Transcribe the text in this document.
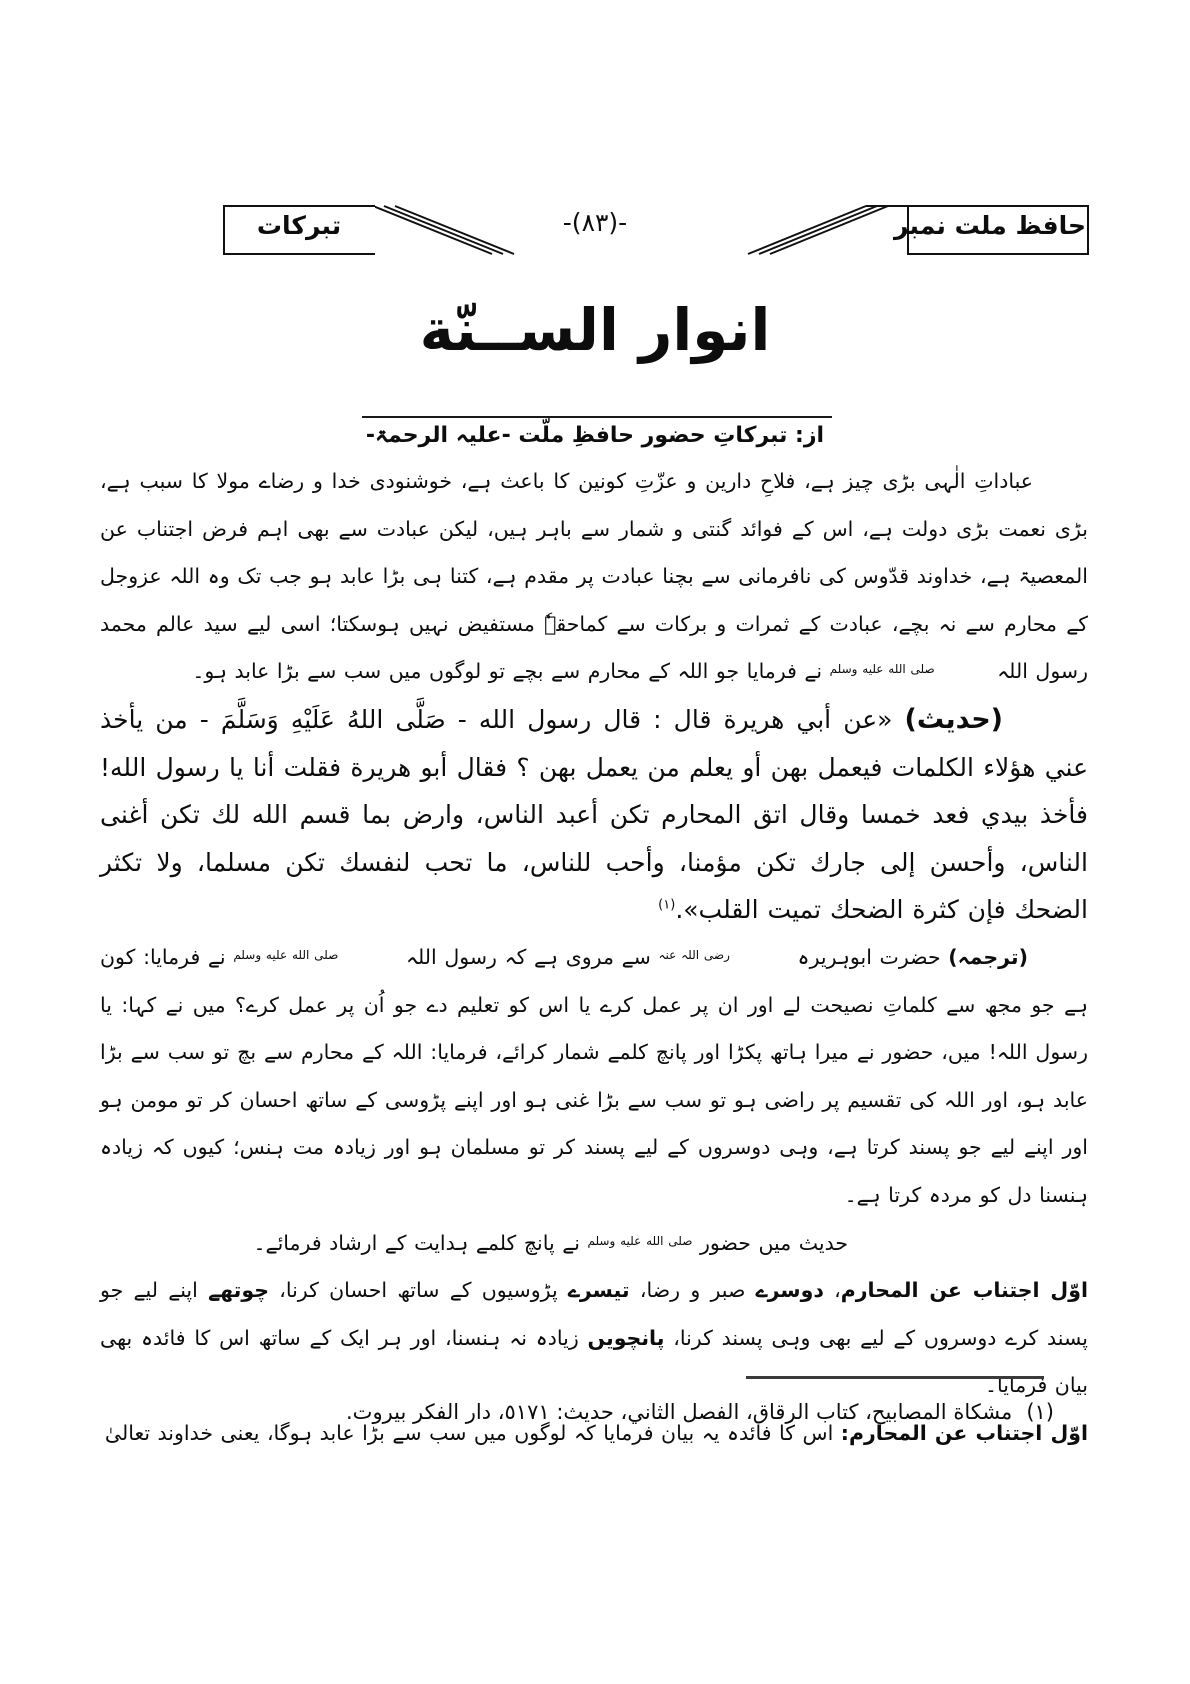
تبرکات	-(٨٣)-	حافظ ملت نمبر
انوار الســنّة
از: تبرکاتِ حضور حافظِ ملّت -علیہ الرحمۃ-

عباداتِ الٰہی بڑی چیز ہے، فلاحِ دارین و عزّتِ کونین کا باعث ہے، خوشنودی خدا و رضاے مولا کا سبب ہے، بڑی نعمت بڑی دولت ہے، اس کے فوائد گنتی و شمار سے باہر ہیں، لیکن عبادت سے بھی اہم فرض اجتناب عن المعصیۃ ہے، خداوند قدّوس کی نافرمانی سے بچنا عبادت پر مقدم ہے، کتنا ہی بڑا عابد ہو جب تک وہ اللہ عزوجل کے محارم سے نہ بچے، عبادت کے ثمرات و برکات سے کماحقہٗ مستفیض نہیں ہوسکتا؛ اسی لیے سید عالم محمد رسول اللہ صلى الله عليه وسلم نے فرمایا جو اللہ کے محارم سے بچے تو لوگوں میں سب سے بڑا عابد ہو۔

(حدیث) «عن أبي هريرة قال : قال رسول الله - صَلَّى اللهُ عَلَيْهِ وَسَلَّمَ - من يأخذ عني هؤلاء الكلمات فيعمل بهن أو يعلم من يعمل بهن ؟ فقال أبو هريرة فقلت أنا يا رسول الله! فأخذ بيدي فعد خمسا وقال اتق المحارم تكن أعبد الناس، وارض بما قسم الله لك تكن أغنى الناس، وأحسن إلى جارك تكن مؤمنا، وأحب للناس، ما تحب لنفسك تكن مسلما، ولا تكثر الضحك فإن كثرة الضحك تميت القلب».$^{(١)}$

(ترجمہ) حضرت ابوہریرہ رضی اللہ عنہ سے مروی ہے کہ رسول اللہ صلى الله عليه وسلم نے فرمایا: کون ہے جو مجھ سے کلماتِ نصیحت لے اور ان پر عمل کرے یا اس کو تعلیم دے جو اُن پر عمل کرے؟ میں نے کہا: یا رسول اللہ! میں، حضور نے میرا ہاتھ پکڑا اور پانچ کلمے شمار کرائے، فرمایا: اللہ کے محارم سے بچ تو سب سے بڑا عابد ہو، اور اللہ کی تقسیم پر راضی ہو تو سب سے بڑا غنی ہو اور اپنے پڑوسی کے ساتھ احسان کر تو مومن ہو اور اپنے لیے جو پسند کرتا ہے، وہی دوسروں کے لیے پسند کر تو مسلمان ہو اور زیادہ مت ہنس؛ کیوں کہ زیادہ ہنسنا دل کو مردہ کرتا ہے۔

حدیث میں حضور صلى الله عليه وسلم نے پانچ کلمے ہدایت کے ارشاد فرمائے۔

اوّل اجتناب عن المحارم، دوسرے صبر و رضا، تیسرے پڑوسیوں کے ساتھ احسان کرنا، چوتھے اپنے لیے جو پسند کرے دوسروں کے لیے بھی وہی پسند کرنا، پانچویں زیادہ نہ ہنسنا، اور ہر ایک کے ساتھ اس کا فائدہ بھی بیان فرمایا۔

اوّل اجتناب عن المحارم: اس کا فائدہ یہ بیان فرمایا کہ لوگوں میں سب سے بڑا عابد ہوگا، یعنی خداوند تعالیٰ

(١)مشكاة المصابيح، كتاب الرقاق، الفصل الثاني، حديث: ٥١٧١، دار الفكر بيروت.
